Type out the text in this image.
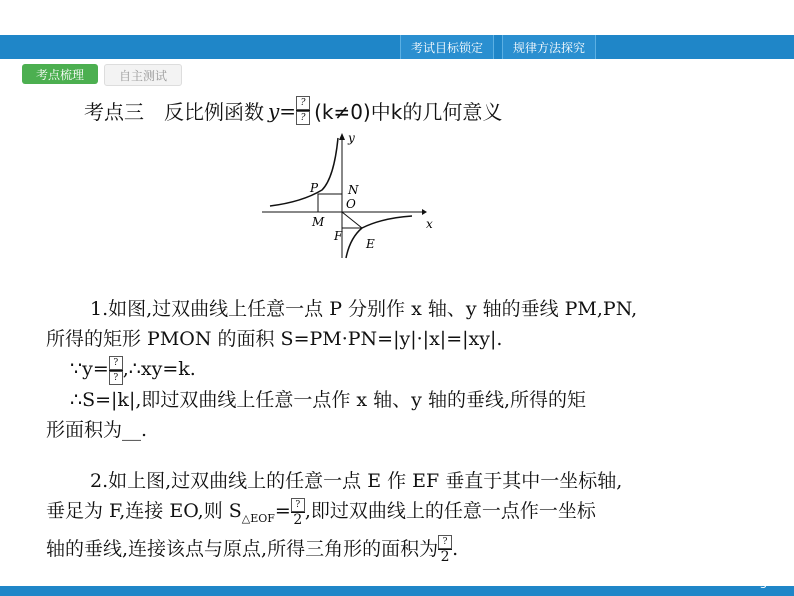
考试目标锁定	规律方法探究
考点梳理	自主测试
考点三　反比例函数 $y= \frac{?}{?} (k\ne 0)$中k的几何意义
P N
O
M
F
E
x
y
1.如图,过双曲线上任意一点 P 分别作 x 轴、y 轴的垂线 PM,PN,
所得的矩形 PMON 的面积 S=PM·PN=|y|·|x|=|xy|.
∵y= $\frac{?}{?}$ ,∴xy=k.
∴S=|k|,即过双曲线上任意一点作 x 轴、y 轴的垂线,所得的矩
形面积为__.
2.如上图,过双曲线上的任意一点 E 作 EF 垂直于其中一坐标轴,
垂足为 F,连接 EO,则 $S_{\triangle EOF}= \frac{?}{2}$ ,即过双曲线上的任意一点作一坐标
轴的垂线,连接该点与原点,所得三角形的面积为 $\frac{?}{2}$ .
3
